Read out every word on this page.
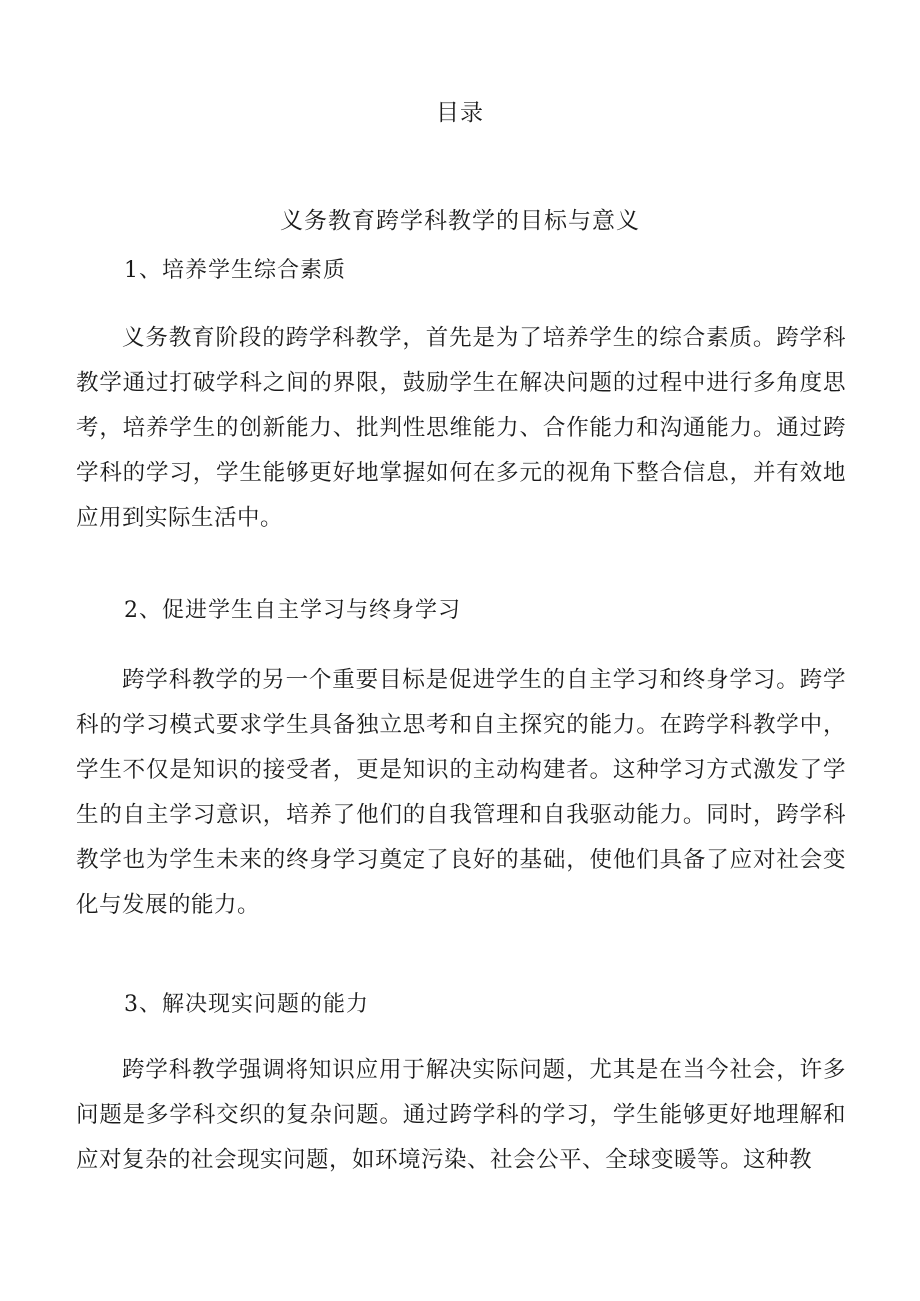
目录
义务教育跨学科教学的目标与意义
1、培养学生综合素质

义务教育阶段的跨学科教学，首先是为了培养学生的综合素质。跨学科教学通过打破学科之间的界限，鼓励学生在解决问题的过程中进行多角度思考，培养学生的创新能力、批判性思维能力、合作能力和沟通能力。通过跨学科的学习，学生能够更好地掌握如何在多元的视角下整合信息，并有效地应用到实际生活中。

2、促进学生自主学习与终身学习

跨学科教学的另一个重要目标是促进学生的自主学习和终身学习。跨学科的学习模式要求学生具备独立思考和自主探究的能力。在跨学科教学中，学生不仅是知识的接受者，更是知识的主动构建者。这种学习方式激发了学生的自主学习意识，培养了他们的自我管理和自我驱动能力。同时，跨学科教学也为学生未来的终身学习奠定了良好的基础，使他们具备了应对社会变化与发展的能力。

3、解决现实问题的能力

跨学科教学强调将知识应用于解决实际问题，尤其是在当今社会，许多问题是多学科交织的复杂问题。通过跨学科的学习，学生能够更好地理解和应对复杂的社会现实问题，如环境污染、社会公平、全球变暖等。这种教
